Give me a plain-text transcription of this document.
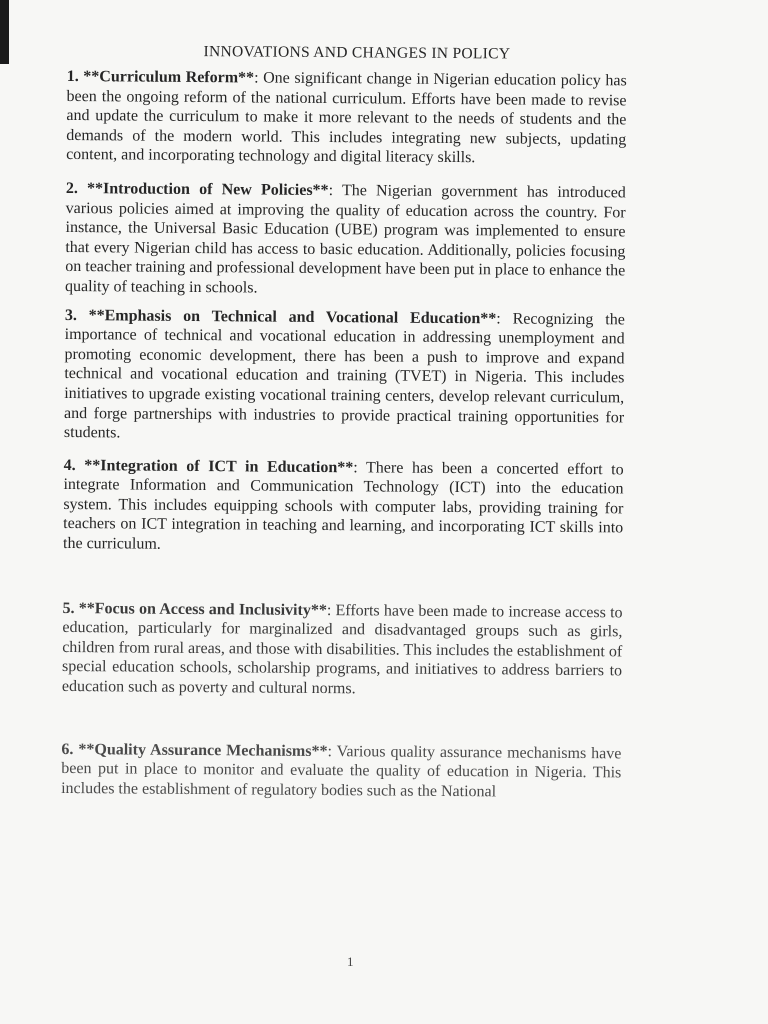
INNOVATIONS AND CHANGES IN POLICY

1. **Curriculum Reform**: One significant change in Nigerian education policy has been the ongoing reform of the national curriculum. Efforts have been made to revise and update the curriculum to make it more relevant to the needs of students and the demands of the modern world. This includes integrating new subjects, updating content, and incorporating technology and digital literacy skills.

2. **Introduction of New Policies**: The Nigerian government has introduced various policies aimed at improving the quality of education across the country. For instance, the Universal Basic Education (UBE) program was implemented to ensure that every Nigerian child has access to basic education. Additionally, policies focusing on teacher training and professional development have been put in place to enhance the quality of teaching in schools.

3. **Emphasis on Technical and Vocational Education**: Recognizing the importance of technical and vocational education in addressing unemployment and promoting economic development, there has been a push to improve and expand technical and vocational education and training (TVET) in Nigeria. This includes initiatives to upgrade existing vocational training centers, develop relevant curriculum, and forge partnerships with industries to provide practical training opportunities for students.

4. **Integration of ICT in Education**: There has been a concerted effort to integrate Information and Communication Technology (ICT) into the education system. This includes equipping schools with computer labs, providing training for teachers on ICT integration in teaching and learning, and incorporating ICT skills into the curriculum.

5. **Focus on Access and Inclusivity**: Efforts have been made to increase access to education, particularly for marginalized and disadvantaged groups such as girls, children from rural areas, and those with disabilities. This includes the establishment of special education schools, scholarship programs, and initiatives to address barriers to education such as poverty and cultural norms.

6. **Quality Assurance Mechanisms**: Various quality assurance mechanisms have been put in place to monitor and evaluate the quality of education in Nigeria. This includes the establishment of regulatory bodies such as the National

1
